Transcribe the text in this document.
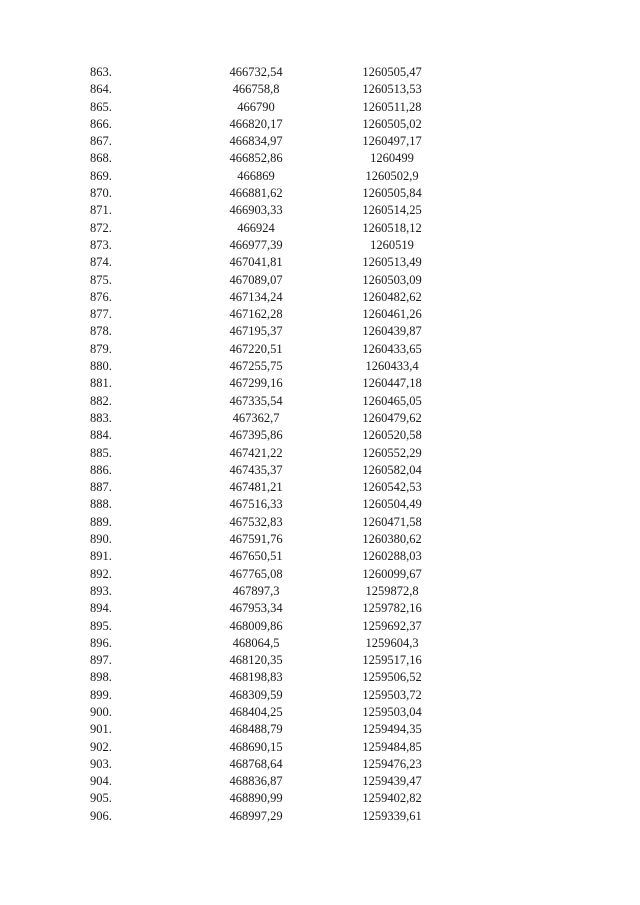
863.	466732,54	1260505,47
864.	466758,8	1260513,53
865.	466790	1260511,28
866.	466820,17	1260505,02
867.	466834,97	1260497,17
868.	466852,86	1260499
869.	466869	1260502,9
870.	466881,62	1260505,84
871.	466903,33	1260514,25
872.	466924	1260518,12
873.	466977,39	1260519
874.	467041,81	1260513,49
875.	467089,07	1260503,09
876.	467134,24	1260482,62
877.	467162,28	1260461,26
878.	467195,37	1260439,87
879.	467220,51	1260433,65
880.	467255,75	1260433,4
881.	467299,16	1260447,18
882.	467335,54	1260465,05
883.	467362,7	1260479,62
884.	467395,86	1260520,58
885.	467421,22	1260552,29
886.	467435,37	1260582,04
887.	467481,21	1260542,53
888.	467516,33	1260504,49
889.	467532,83	1260471,58
890.	467591,76	1260380,62
891.	467650,51	1260288,03
892.	467765,08	1260099,67
893.	467897,3	1259872,8
894.	467953,34	1259782,16
895.	468009,86	1259692,37
896.	468064,5	1259604,3
897.	468120,35	1259517,16
898.	468198,83	1259506,52
899.	468309,59	1259503,72
900.	468404,25	1259503,04
901.	468488,79	1259494,35
902.	468690,15	1259484,85
903.	468768,64	1259476,23
904.	468836,87	1259439,47
905.	468890,99	1259402,82
906.	468997,29	1259339,61
